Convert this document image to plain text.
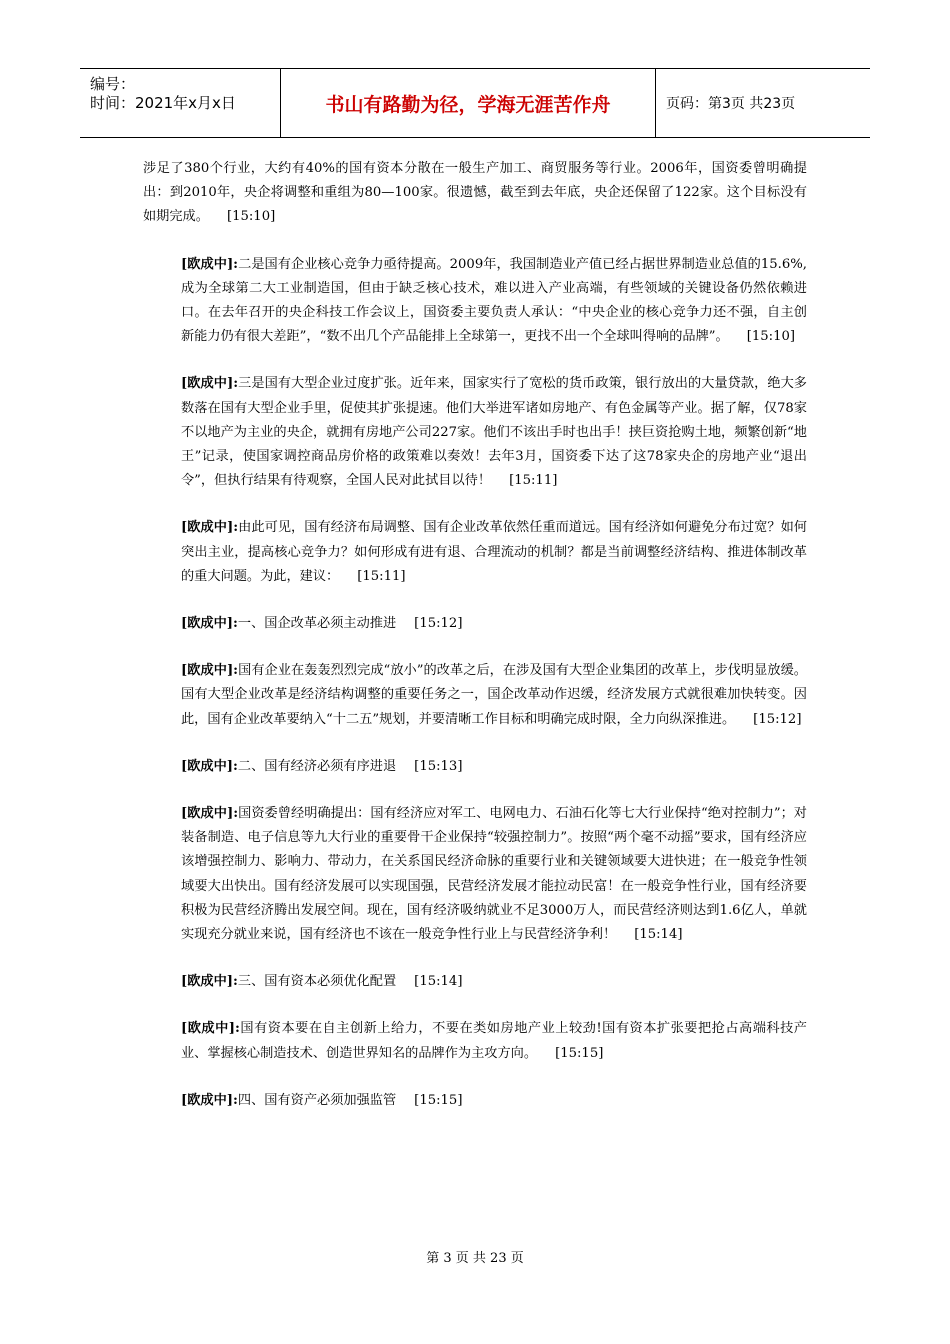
编号：
时间：2021年x月x日	书山有路勤为径，学海无涯苦作舟	页码：第3页 共23页

涉足了380个行业，大约有40%的国有资本分散在一般生产加工、商贸服务等行业。2006年，国资委曾明确提出：到2010年，央企将调整和重组为80—100家。很遗憾，截至到去年底，央企还保留了122家。这个目标没有如期完成。 [15:10]

[欧成中]:二是国有企业核心竞争力亟待提高。2009年，我国制造业产值已经占据世界制造业总值的15.6%,成为全球第二大工业制造国，但由于缺乏核心技术，难以进入产业高端，有些领域的关键设备仍然依赖进口。在去年召开的央企科技工作会议上，国资委主要负责人承认：“中央企业的核心竞争力还不强，自主创新能力仍有很大差距”，“数不出几个产品能排上全球第一，更找不出一个全球叫得响的品牌”。 [15:10]

[欧成中]:三是国有大型企业过度扩张。近年来，国家实行了宽松的货币政策，银行放出的大量贷款，绝大多数落在国有大型企业手里，促使其扩张提速。他们大举进军诸如房地产、有色金属等产业。据了解，仅78家不以地产为主业的央企，就拥有房地产公司227家。他们不该出手时也出手！挟巨资抢购土地，频繁创新“地王”记录，使国家调控商品房价格的政策难以奏效！去年3月，国资委下达了这78家央企的房地产业“退出令”，但执行结果有待观察，全国人民对此拭目以待！ [15:11]

[欧成中]:由此可见，国有经济布局调整、国有企业改革依然任重而道远。国有经济如何避免分布过宽？如何突出主业，提高核心竞争力？如何形成有进有退、合理流动的机制？都是当前调整经济结构、推进体制改革的重大问题。为此，建议： [15:11]

[欧成中]:一、国企改革必须主动推进 [15:12]

[欧成中]:国有企业在轰轰烈烈完成“放小”的改革之后，在涉及国有大型企业集团的改革上，步伐明显放缓。国有大型企业改革是经济结构调整的重要任务之一，国企改革动作迟缓，经济发展方式就很难加快转变。因此，国有企业改革要纳入“十二五”规划，并要清晰工作目标和明确完成时限，全力向纵深推进。 [15:12]

[欧成中]:二、国有经济必须有序进退 [15:13]

[欧成中]:国资委曾经明确提出：国有经济应对军工、电网电力、石油石化等七大行业保持“绝对控制力”；对装备制造、电子信息等九大行业的重要骨干企业保持“较强控制力”。按照“两个毫不动摇”要求，国有经济应该增强控制力、影响力、带动力，在关系国民经济命脉的重要行业和关键领域要大进快进；在一般竞争性领域要大出快出。国有经济发展可以实现国强，民营经济发展才能拉动民富！在一般竞争性行业，国有经济要积极为民营经济腾出发展空间。现在，国有经济吸纳就业不足3000万人，而民营经济则达到1.6亿人，单就实现充分就业来说，国有经济也不该在一般竞争性行业上与民营经济争利！ [15:14]

[欧成中]:三、国有资本必须优化配置 [15:14]

[欧成中]:国有资本要在自主创新上给力，不要在类如房地产业上较劲!国有资本扩张要把抢占高端科技产业、掌握核心制造技术、创造世界知名的品牌作为主攻方向。 [15:15]

[欧成中]:四、国有资产必须加强监管 [15:15]

第 3 页 共 23 页
